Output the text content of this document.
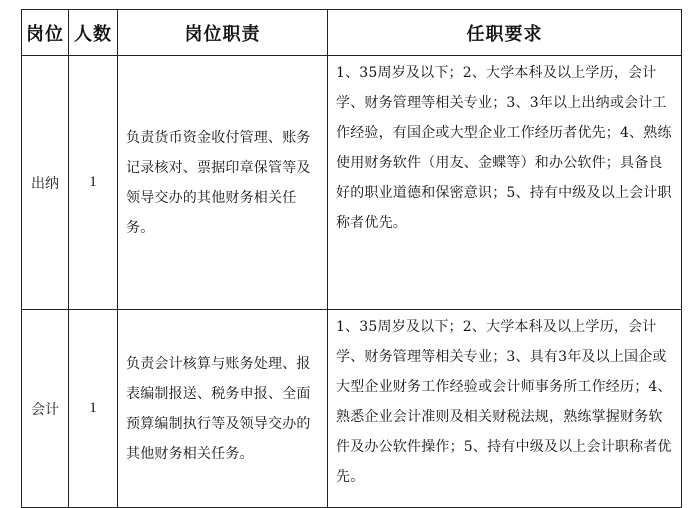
岗位	人数	岗位职责	任职要求
出纳	1	负责货币资金收付管理、账务记录核对、票据印章保管等及领导交办的其他财务相关任务。	1、35周岁及以下；2、大学本科及以上学历，会计学、财务管理等相关专业；3、3年以上出纳或会计工作经验，有国企或大型企业工作经历者优先；4、熟练使用财务软件（用友、金蝶等）和办公软件；具备良好的职业道德和保密意识；5、持有中级及以上会计职称者优先。
会计	1	负责会计核算与账务处理、报表编制报送、税务申报、全面预算编制执行等及领导交办的其他财务相关任务。	1、35周岁及以下；2、大学本科及以上学历，会计学、财务管理等相关专业；3、具有3年及以上国企或大型企业财务工作经验或会计师事务所工作经历；4、熟悉企业会计准则及相关财税法规，熟练掌握财务软件及办公软件操作；5、持有中级及以上会计职称者优先。
